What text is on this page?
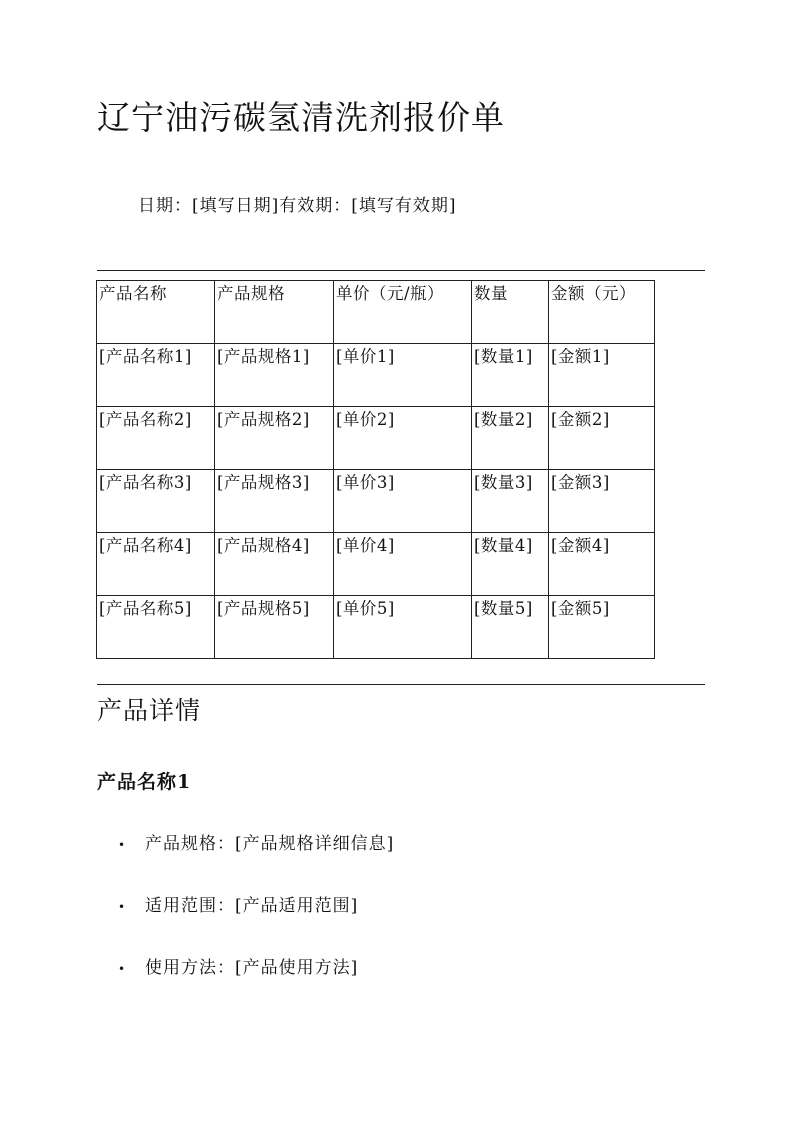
辽宁油污碳氢清洗剂报价单
日期：[填写日期]有效期：[填写有效期]
产品名称	产品规格	单价（元/瓶）	数量	金额（元）
[产品名称1]	[产品规格1]	[单价1]	[数量1]	[金额1]
[产品名称2]	[产品规格2]	[单价2]	[数量2]	[金额2]
[产品名称3]	[产品规格3]	[单价3]	[数量3]	[金额3]
[产品名称4]	[产品规格4]	[单价4]	[数量4]	[金额4]
[产品名称5]	[产品规格5]	[单价5]	[数量5]	[金额5]
产品详情
产品名称1
• 产品规格：[产品规格详细信息]
• 适用范围：[产品适用范围]
• 使用方法：[产品使用方法]
